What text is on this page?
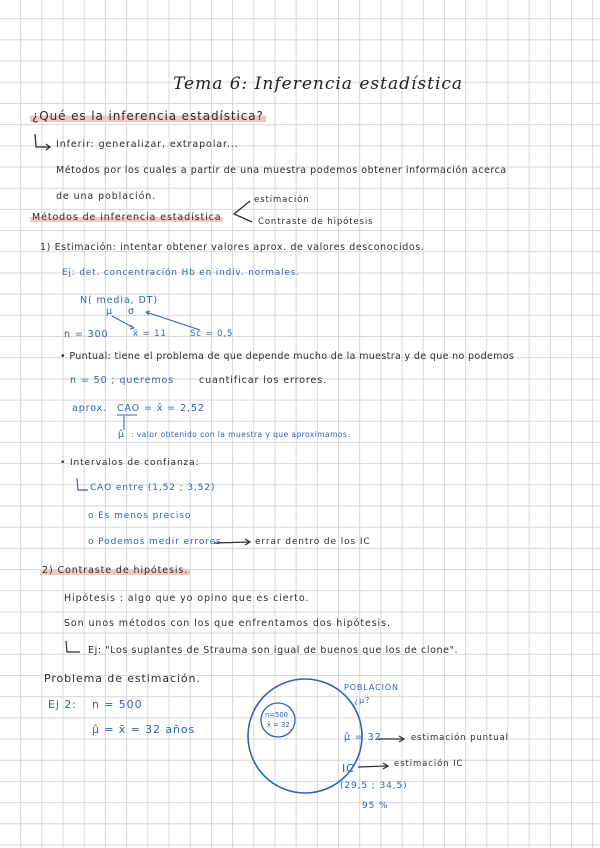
Tema 6: Inferencia estadística
¿Qué es la inferencia estadística?
Inferir: generalizar, extrapolar...
Métodos por los cuales a partir de una muestra podemos obtener información acerca
de una población.	estimación
Métodos de inferencia estadística	Contraste de hipótesis
1) Estimación: intentar obtener valores aprox. de valores desconocidos.
Ej: det. concentración Hb en indiv. normales.
N( media, DT)
μ σ
n = 300	x̄ = 11	Sc = 0,5
• Puntual: tiene el problema de que depende mucho de la muestra y de que no podemos
n = 50 ; queremos	cuantificar los errores.
aprox. CAO = x̄ = 2,52
μ̂ : valor obtenido con la muestra y que aproximamos.
• Intervalos de confianza:
CAO entre (1,52 ; 3,52)
o Es menos preciso
o Podemos medir errores	errar dentro de los IC
2) Contraste de hipótesis.
Hipótesis : algo que yo opino que es cierto.
Son unos métodos con los que enfrentamos dos hipótesis.
Ej: "Los suplantes de Strauma son igual de buenos que los de clone".
Problema de estimación.
Ej 2: n = 500
μ̂ = x̄ = 32 años
POBLACIÓN
¿μ?
n=500
x̄ = 32
μ̂ = 32	estimación puntual
IC	estimación IC
(29,5 ; 34,5)
95 %
